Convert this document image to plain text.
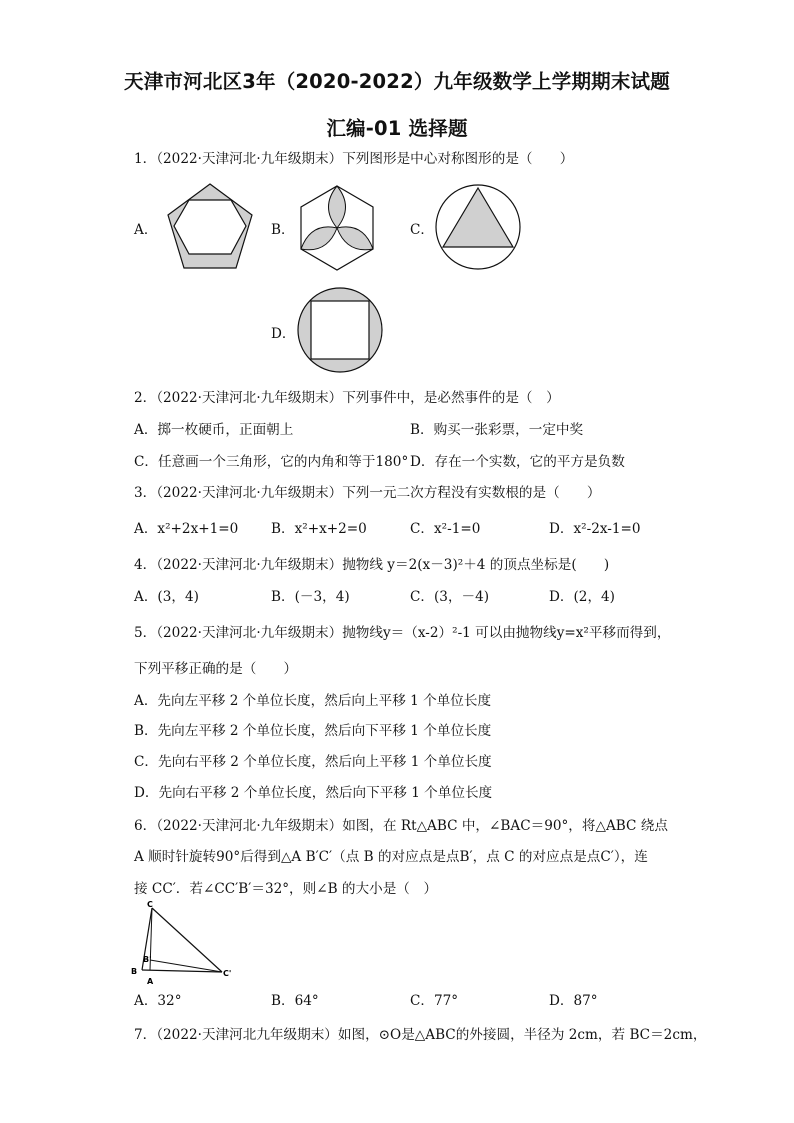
天津市河北区3年（2020-2022）九年级数学上学期期末试题
汇编-01 选择题
1．（2022·天津河北·九年级期末）下列图形是中心对称图形的是（　　）
A．	B．	C．
D．
2．（2022·天津河北·九年级期末）下列事件中，是必然事件的是（　）
A．掷一枚硬币，正面朝上	B．购买一张彩票，一定中奖
C．任意画一个三角形，它的内角和等于180° D．存在一个实数，它的平方是负数
3．（2022·天津河北·九年级期末）下列一元二次方程没有实数根的是（　　）
A．x²+2x+1=0 B．x²+x+2=0	C．x²-1=0	D．x²-2x-1=0
4．（2022·天津河北·九年级期末）抛物线 y＝2(x－3)²＋4 的顶点坐标是(　　)
A．(3，4)	B．(－3，4)	C．(3，－4)	D．(2，4)
5．（2022·天津河北·九年级期末）抛物线y＝（x-2）²-1 可以由抛物线y=x²平移而得到，
下列平移正确的是（　　）
A．先向左平移 2 个单位长度，然后向上平移 1 个单位长度
B．先向左平移 2 个单位长度，然后向下平移 1 个单位长度
C．先向右平移 2 个单位长度，然后向上平移 1 个单位长度
D．先向右平移 2 个单位长度，然后向下平移 1 个单位长度
6．（2022·天津河北·九年级期末）如图，在 Rt△ABC 中，∠BAC＝90°，将△ABC 绕点
A 顺时针旋转90°后得到△A B′C′（点 B 的对应点是点B′，点 C 的对应点是点C′），连
接 CC′．若∠CC′B′＝32°，则∠B 的大小是（　）
C
B'
B
A
C'
A．32°	B．64°	C．77°	D．87°
7．（2022·天津河北九年级期末）如图，⊙O是△ABC的外接圆，半径为 2cm，若 BC＝2cm，
